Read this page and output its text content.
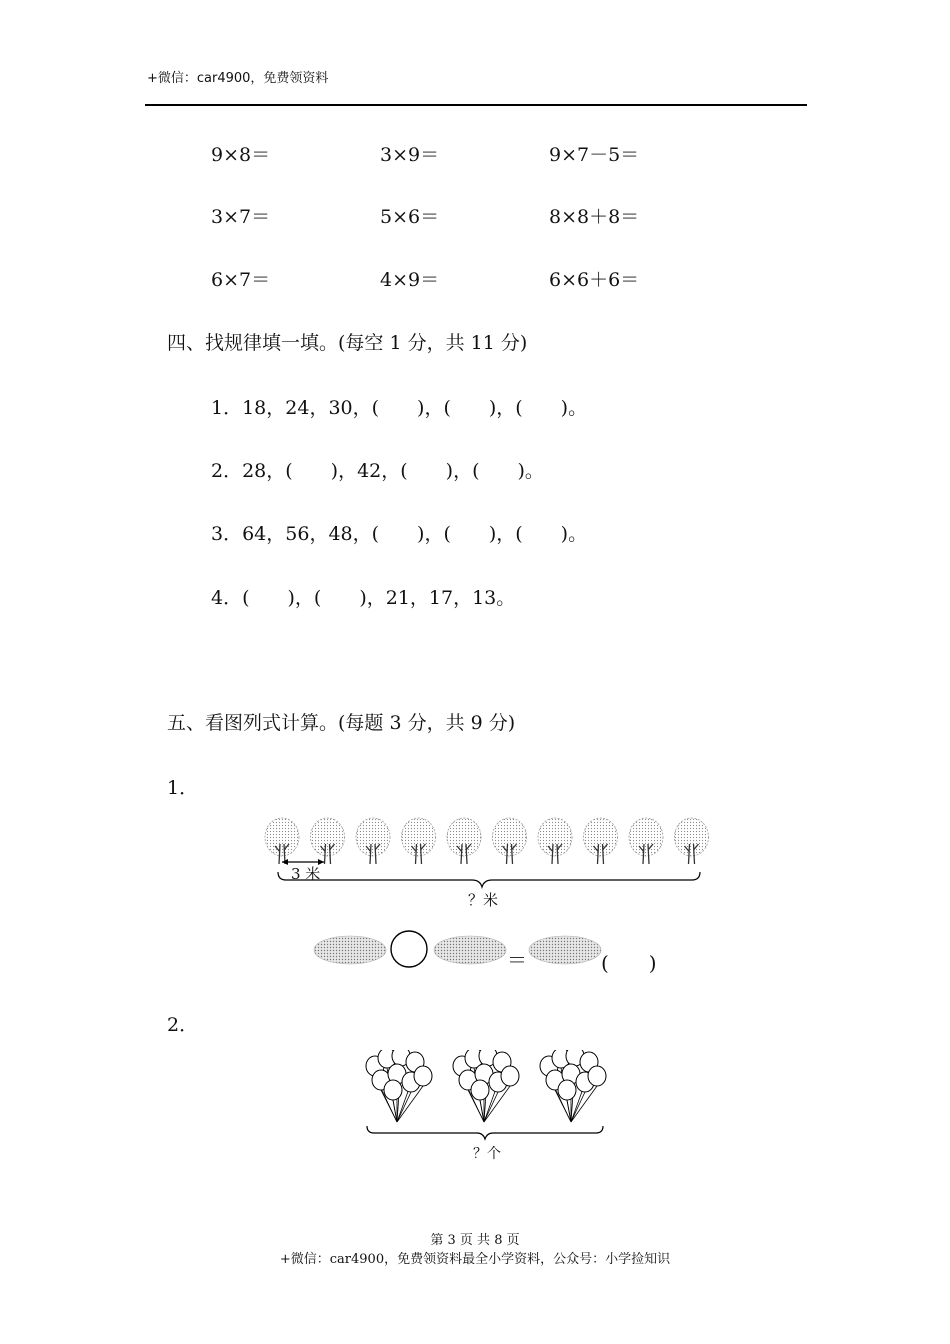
+微信：car4900，免费领资料
9×8＝	3×9＝	9×7－5＝
3×7＝	5×6＝	8×8＋8＝
6×7＝	4×9＝	6×6＋6＝
四、找规律填一填。(每空 1 分，共 11 分)
1．18，24，30，(　　)，(　　)，(　　)。
2．28，(　　)，42，(　　)，(　　)。
3．64，56，48，(　　)，(　　)，(　　)。
4．(　　)，(　　)，21，17，13。
五、看图列式计算。(每题 3 分，共 9 分)
1．
3 米
？米
＝	(　　)
2．
？个
第 3 页 共 8 页
+微信：car4900，免费领资料最全小学资料，公众号：小学捡知识
